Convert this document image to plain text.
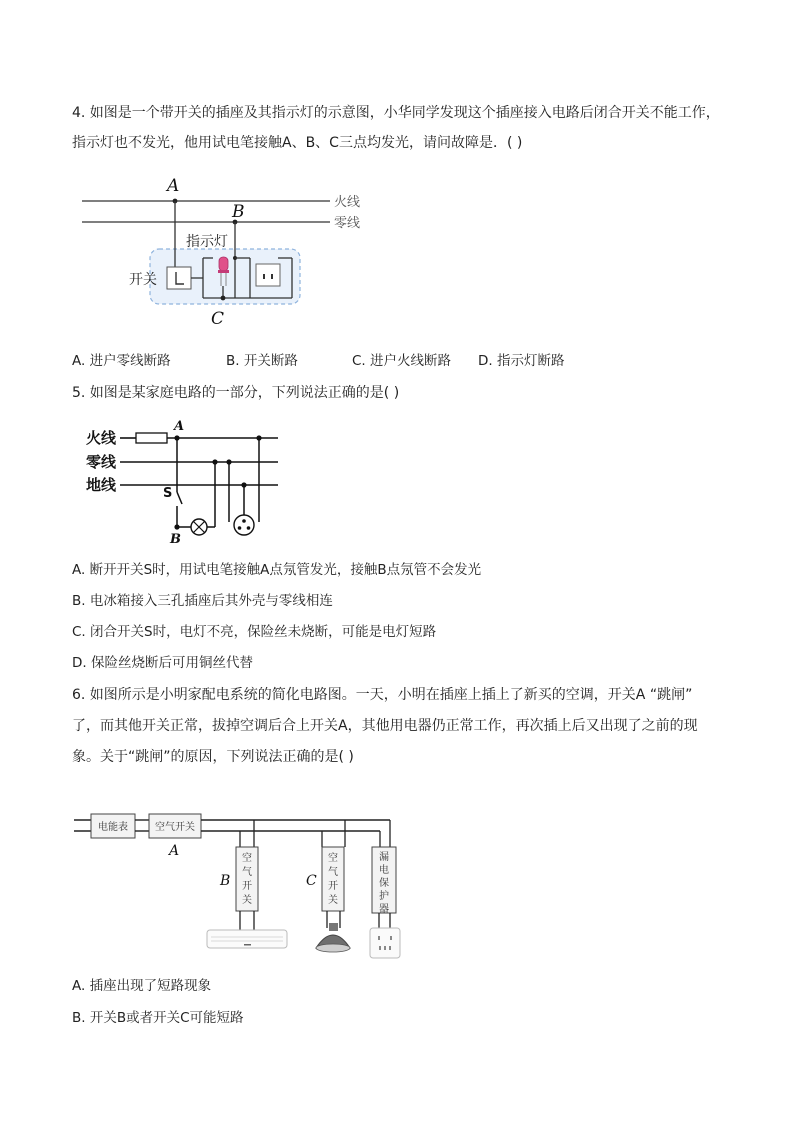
4. 如图是一个带开关的插座及其指示灯的示意图，小华同学发现这个插座接入电路后闭合开关不能工作，
指示灯也不发光，他用试电笔接触A、B、C三点均发光，请问故障是．( )
火线
零线
A
B
开关
指示灯
C
A. 进户零线断路	B. 开关断路	C. 进户火线断路 D. 指示灯断路
5. 如图是某家庭电路的一部分，下列说法正确的是( )
火线
零线
地线
A
S
B
A. 断开开关S时，用试电笔接触A点氖管发光，接触B点氖管不会发光
B. 电冰箱接入三孔插座后其外壳与零线相连
C. 闭合开关S时，电灯不亮，保险丝未烧断，可能是电灯短路
D. 保险丝烧断后可用铜丝代替
6. 如图所示是小明家配电系统的简化电路图。一天，小明在插座上插上了新买的空调，开关A “跳闸”
了，而其他开关正常，拔掉空调后合上开关A，其他用电器仍正常工作，再次插上后又出现了之前的现
象。关于“跳闸”的原因，下列说法正确的是( )
电能表	空气开关
A	空气开关
B
空气开关
C
漏电保护器
A. 插座出现了短路现象
B. 开关B或者开关C可能短路
